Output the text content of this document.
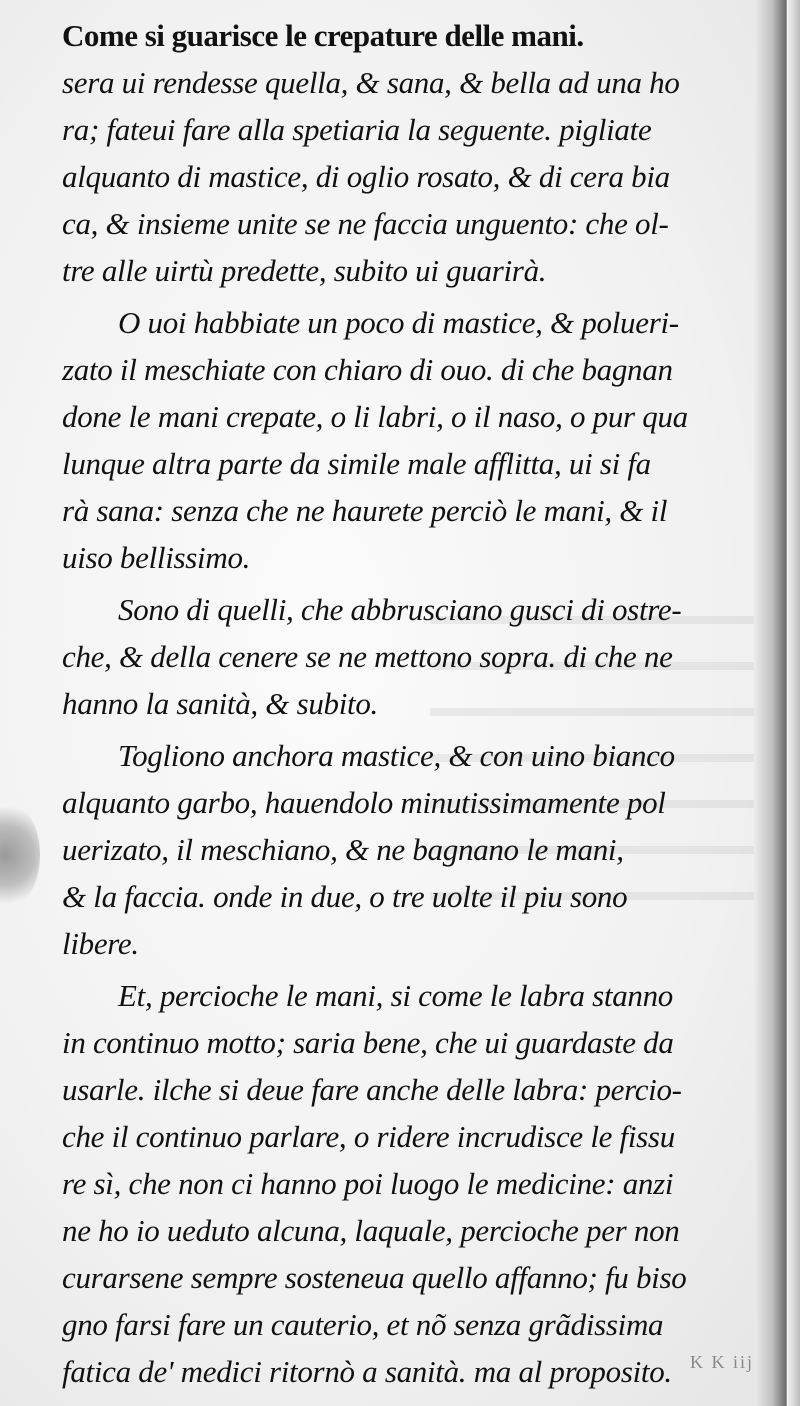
Come si guarisce le crepature delle mani.
sera ui rendesse quella, & sana, & bella ad una ho
ra; fateui fare alla spetiaria la seguente. pigliate
alquanto di mastice, di oglio rosato, & di cera bia
ca, & insieme unite se ne faccia unguento: che ol-
tre alle uirtù predette, subito ui guarirà.
O uoi habbiate un poco di mastice, & polueri-
zato il meschiate con chiaro di ouo. di che bagnan
done le mani crepate, o li labri, o il naso, o pur qua
lunque altra parte da simile male afflitta, ui si fa
rà sana: senza che ne haurete perciò le mani, & il
uiso bellissimo.
Sono di quelli, che abbrusciano gusci di ostre-
che, & della cenere se ne mettono sopra. di che ne
hanno la sanità, & subito.
Togliono anchora mastice, & con uino bianco
alquanto garbo, hauendolo minutissimamente pol
uerizato, il meschiano, & ne bagnano le mani,
& la faccia. onde in due, o tre uolte il piu sono
libere.
Et, percioche le mani, si come le labra stanno
in continuo motto; saria bene, che ui guardaste da
usarle. ilche si deue fare anche delle labra: percio-
che il continuo parlare, o ridere incrudisce le fissu
re sì, che non ci hanno poi luogo le medicine: anzi
ne ho io ueduto alcuna, laquale, percioche per non
curarsene sempre sosteneua quello affanno; fu biso
gno farsi fare un cauterio, et nõ senza grãdissima
fatica de' medici ritornò a sanità. ma al proposito.	K K iij
